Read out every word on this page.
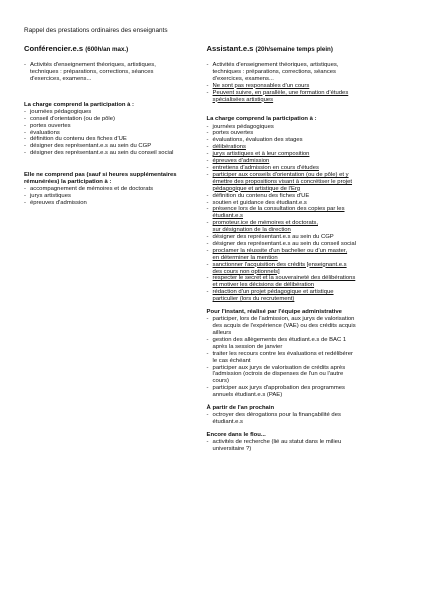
Rappel des prestations ordinaires des enseignants
Conférencier.e.s (600h/an max.)
- Activités d'enseignement théoriques, artistiques,
techniques : préparations, corrections, séances
d'exercices, examens...
La charge comprend la participation à :
- journées pédagogiques
- conseil d'orientation (ou de pôle)
- portes ouvertes
- évaluations
- définition du contenu des fiches d'UE
- désigner des représentant.e.s au sein du CGP
- désigner des représentant.e.s au sein du conseil social
Elle ne comprend pas (sauf si heures supplémentaires
rémunérées) la participation à :
- accompagnement de mémoires et de doctorats
- jurys artistiques
- épreuves d'admission
Assistant.e.s (20h/semaine temps plein)
- Activités d'enseignement théoriques, artistiques,
techniques : préparations, corrections, séances
d'exercices, examens...
- Ne sont pas responsables d'un cours
- Peuvent suivre, en parallèle, une formation d'études
spécialisées artistiques
La charge comprend la participation à :
- journées pédagogiques
- portes ouvertes
- évaluations, évaluation des stages
- délibérations
- jurys artistiques et à leur composition
- épreuves d'admission
- entretiens d'admission en cours d'études
- participer aux conseils d'orientation (ou de pôle) et y
émettre des propositions visant à concrétiser le projet
pédagogique et artistique de l'Erg
- définition du contenu des fiches d'UE
- soutien et guidance des étudiant.e.s
- présence lors de la consultation des copies par les
étudiant.e.s
- promoteur.ice de mémoires et doctorats,
sur désignation de la direction
- désigner des représentant.e.s au sein du CGP
- désigner des représentant.e.s au sein du conseil social
- proclamer la réussite d'un bachelier ou d'un master,
en déterminer la mention
- sanctionner l'acquisition des crédits [enseignant.e.s
des cours non optionnels]
- respecter le secret et la souveraineté des délibérations
et motiver les décisions de délibération
- rédaction d'un projet pédagogique et artistique
particulier (lors du recrutement)
Pour l'instant, réalisé par l'équipe administrative
- participer, lors de l'admission, aux jurys de valorisation
des acquis de l'expérience (VAE) ou des crédits acquis
ailleurs
- gestion des allègements des étudiant.e.s de BAC 1
après la session de janvier
- traiter les recours contre les évaluations et redélibérer
le cas échéant
- participer aux jurys de valorisation de crédits après
l'admission (octrois de dispenses de l'un ou l'autre
cours)
- participer aux jurys d'approbation des programmes
annuels étudiant.e.s (PAE)
À partir de l'an prochain
- octroyer des dérogations pour la finançabilité des
étudiant.e.s
Encore dans le flou...
- activités de recherche (lié au statut dans le milieu
universitaire ?)
